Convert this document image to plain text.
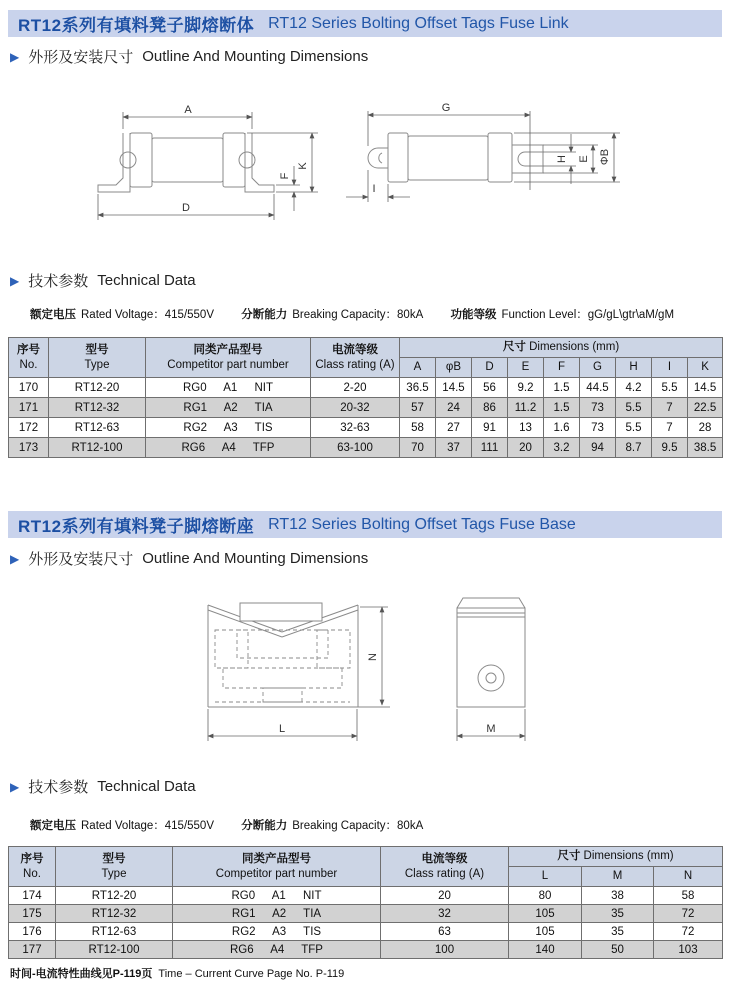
RT12系列有填料凳子脚熔断体 RT12 Series Bolting Offset Tags Fuse Link
▶ 外形及安装尺寸 Outline And Mounting Dimensions
A
D
K
F
G
H E ΦB
I
▶ 技术参数 Technical Data
额定电压 Rated Voltage：415/550V 分断能力 Breaking Capacity：80kA 功能等级 Function Level：gG/gL\gtr\aM/gM
序号
No.	型号
Type	同类产品型号
Competitor part number	电流等级
Class rating (A)	尺寸 Dimensions (mm)								
				A	φB	D	E	F	G	H	I	K
170	RT12-20	RG0 A1 NIT	2-20	36.5	14.5	56	9.2	1.5	44.5	4.2	5.5	14.5
171	RT12-32	RG1 A2 TIA	20-32	57	24	86	11.2	1.5	73	5.5	7	22.5
172	RT12-63	RG2 A3 TIS	32-63	58	27	91	13	1.6	73	5.5	7	28
173	RT12-100	RG6 A4 TFP	63-100	70	37	111	20	3.2	94	8.7	9.5	38.5
RT12系列有填料凳子脚熔断座 RT12 Series Bolting Offset Tags Fuse Base
▶ 外形及安装尺寸 Outline And Mounting Dimensions
N
L	M
▶ 技术参数 Technical Data
额定电压 Rated Voltage：415/550V 分断能力 Breaking Capacity：80kA
序号
No.	型号
Type	同类产品型号
Competitor part number	电流等级
Class rating (A)	尺寸 Dimensions (mm)		
				L	M	N
174	RT12-20	RG0 A1 NIT	20	80	38	58
175	RT12-32	RG1 A2 TIA	32	105	35	72
176	RT12-63	RG2 A3 TIS	63	105	35	72
177	RT12-100	RG6 A4 TFP	100	140	50	103
时间-电流特性曲线见P-119页 Time – Current Curve Page No. P-119
